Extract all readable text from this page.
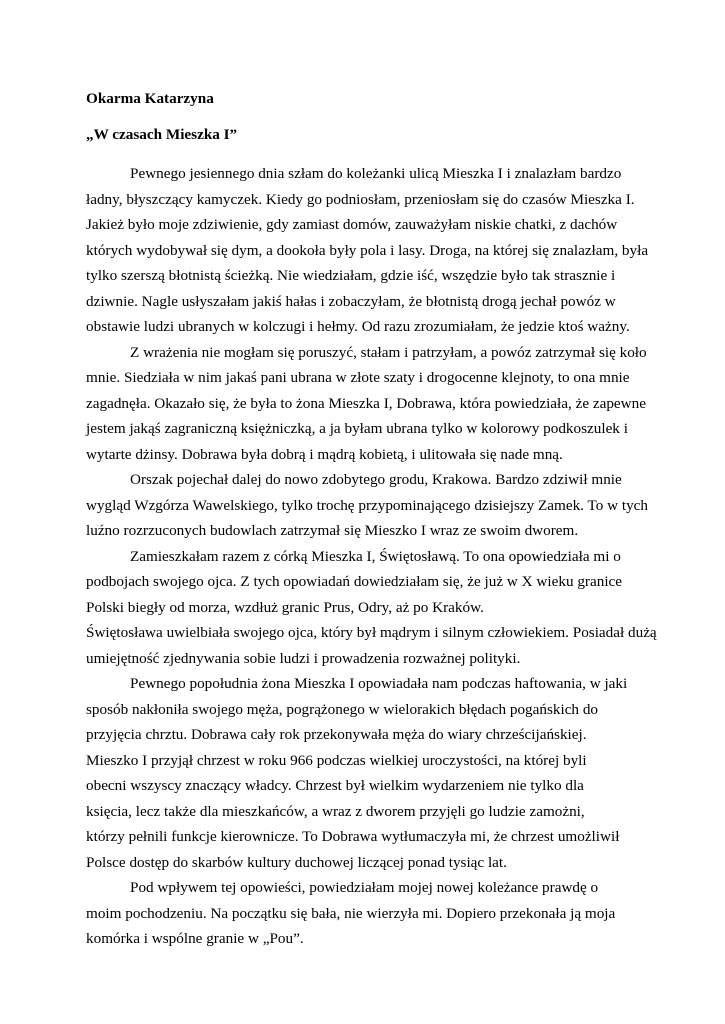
Okarma Katarzyna
„W czasach Mieszka I”
Pewnego jesiennego dnia szłam do koleżanki ulicą Mieszka I i znalazłam bardzo
ładny, błyszczący kamyczek. Kiedy go podniosłam, przeniosłam się do czasów Mieszka I.
Jakież było moje zdziwienie, gdy zamiast domów, zauważyłam niskie chatki, z dachów
których wydobywał się dym, a dookoła były pola i lasy. Droga, na której się znalazłam, była
tylko szerszą błotnistą ścieżką. Nie wiedziałam, gdzie iść, wszędzie było tak strasznie i
dziwnie. Nagle usłyszałam jakiś hałas i zobaczyłam, że błotnistą drogą jechał powóz w
obstawie ludzi ubranych w kolczugi i hełmy. Od razu zrozumiałam, że jedzie ktoś ważny.
Z wrażenia nie mogłam się poruszyć, stałam i patrzyłam, a powóz zatrzymał się koło
mnie. Siedziała w nim jakaś pani ubrana w złote szaty i drogocenne klejnoty, to ona mnie
zagadnęła. Okazało się, że była to żona Mieszka I, Dobrawa, która powiedziała, że zapewne
jestem jakąś zagraniczną księżniczką, a ja byłam ubrana tylko w kolorowy podkoszulek i
wytarte dżinsy. Dobrawa była dobrą i mądrą kobietą, i ulitowała się nade mną.
Orszak pojechał dalej do nowo zdobytego grodu, Krakowa. Bardzo zdziwił mnie
wygląd Wzgórza Wawelskiego, tylko trochę przypominającego dzisiejszy Zamek. To w tych
luźno rozrzuconych budowlach zatrzymał się Mieszko I wraz ze swoim dworem.
Zamieszkałam razem z córką Mieszka I, Świętosławą. To ona opowiedziała mi o
podbojach swojego ojca. Z tych opowiadań dowiedziałam się, że już w X wieku granice
Polski biegły od morza, wzdłuż granic Prus, Odry, aż po Kraków.
Świętosława uwielbiała swojego ojca, który był mądrym i silnym człowiekiem. Posiadał dużą
umiejętność zjednywania sobie ludzi i prowadzenia rozważnej polityki.
Pewnego popołudnia żona Mieszka I opowiadała nam podczas haftowania, w jaki
sposób nakłoniła swojego męża, pogrążonego w wielorakich błędach pogańskich do
przyjęcia chrztu. Dobrawa cały rok przekonywała męża do wiary chrześcijańskiej.
Mieszko I przyjął chrzest w roku 966 podczas wielkiej uroczystości, na której byli
obecni wszyscy znaczący władcy. Chrzest był wielkim wydarzeniem nie tylko dla
księcia, lecz także dla mieszkańców, a wraz z dworem przyjęli go ludzie zamożni,
którzy pełnili funkcje kierownicze. To Dobrawa wytłumaczyła mi, że chrzest umożliwił
Polsce dostęp do skarbów kultury duchowej liczącej ponad tysiąc lat.
Pod wpływem tej opowieści, powiedziałam mojej nowej koleżance prawdę o
moim pochodzeniu. Na początku się bała, nie wierzyła mi. Dopiero przekonała ją moja
komórka i wspólne granie w „Pou”.
